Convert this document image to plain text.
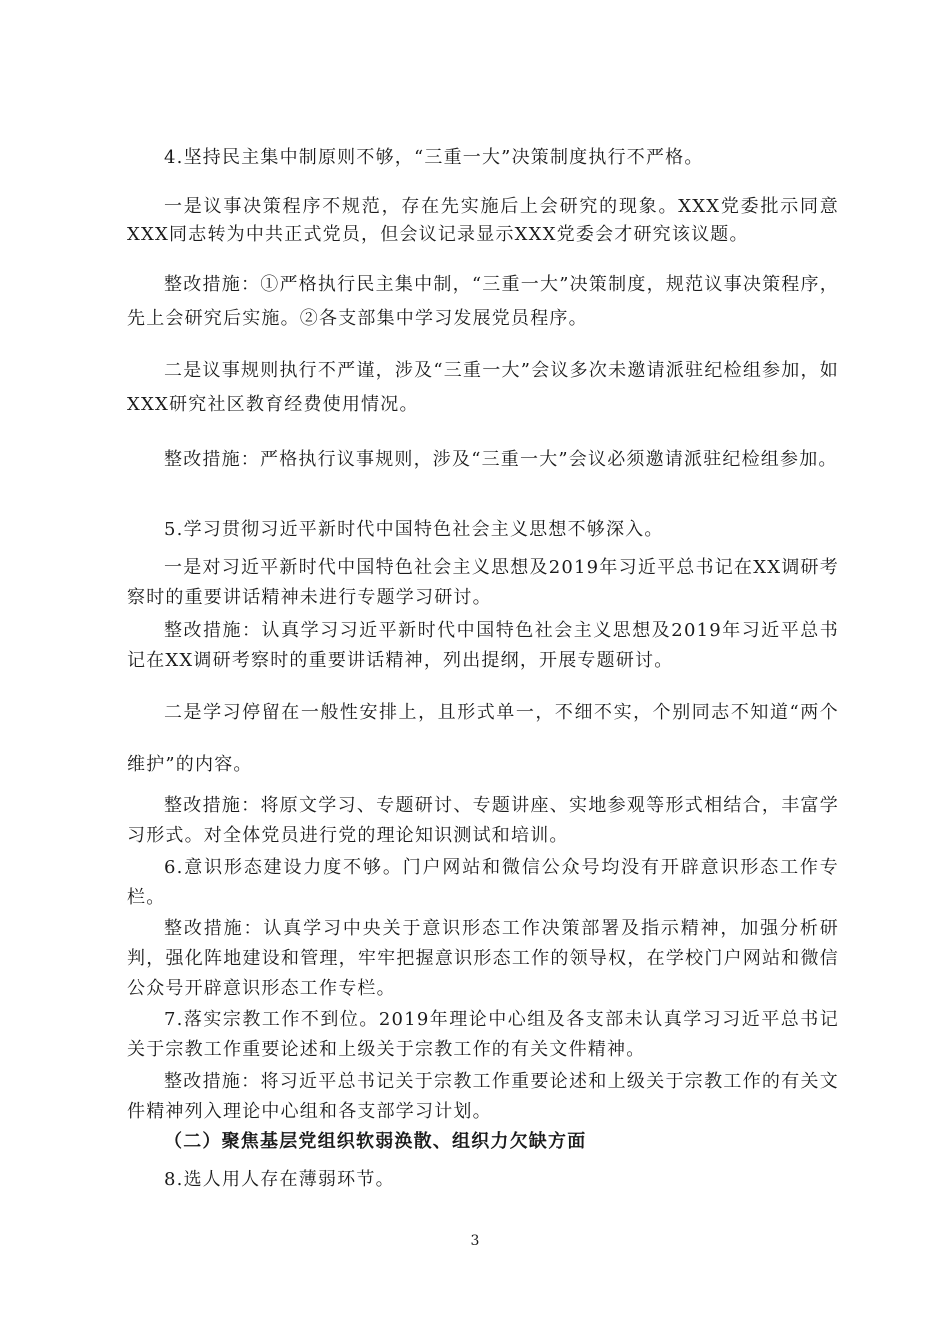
4.坚持民主集中制原则不够，“三重一大”决策制度执行不严格。

一是议事决策程序不规范，存在先实施后上会研究的现象。XXX党委批示同意XXX同志转为中共正式党员，但会议记录显示XXX党委会才研究该议题。

整改措施：①严格执行民主集中制，“三重一大”决策制度，规范议事决策程序，先上会研究后实施。②各支部集中学习发展党员程序。

二是议事规则执行不严谨，涉及“三重一大”会议多次未邀请派驻纪检组参加，如XXX研究社区教育经费使用情况。

整改措施：严格执行议事规则，涉及“三重一大”会议必须邀请派驻纪检组参加。

5.学习贯彻习近平新时代中国特色社会主义思想不够深入。

一是对习近平新时代中国特色社会主义思想及2019年习近平总书记在XX调研考察时的重要讲话精神未进行专题学习研讨。

整改措施：认真学习习近平新时代中国特色社会主义思想及2019年习近平总书记在XX调研考察时的重要讲话精神，列出提纲，开展专题研讨。

二是学习停留在一般性安排上，且形式单一，不细不实，个别同志不知道“两个维护”的内容。

整改措施：将原文学习、专题研讨、专题讲座、实地参观等形式相结合，丰富学习形式。对全体党员进行党的理论知识测试和培训。

6.意识形态建设力度不够。门户网站和微信公众号均没有开辟意识形态工作专栏。

整改措施：认真学习中央关于意识形态工作决策部署及指示精神，加强分析研判，强化阵地建设和管理，牢牢把握意识形态工作的领导权，在学校门户网站和微信公众号开辟意识形态工作专栏。

7.落实宗教工作不到位。2019年理论中心组及各支部未认真学习习近平总书记关于宗教工作重要论述和上级关于宗教工作的有关文件精神。

整改措施：将习近平总书记关于宗教工作重要论述和上级关于宗教工作的有关文件精神列入理论中心组和各支部学习计划。

（二）聚焦基层党组织软弱涣散、组织力欠缺方面

8.选人用人存在薄弱环节。

3
